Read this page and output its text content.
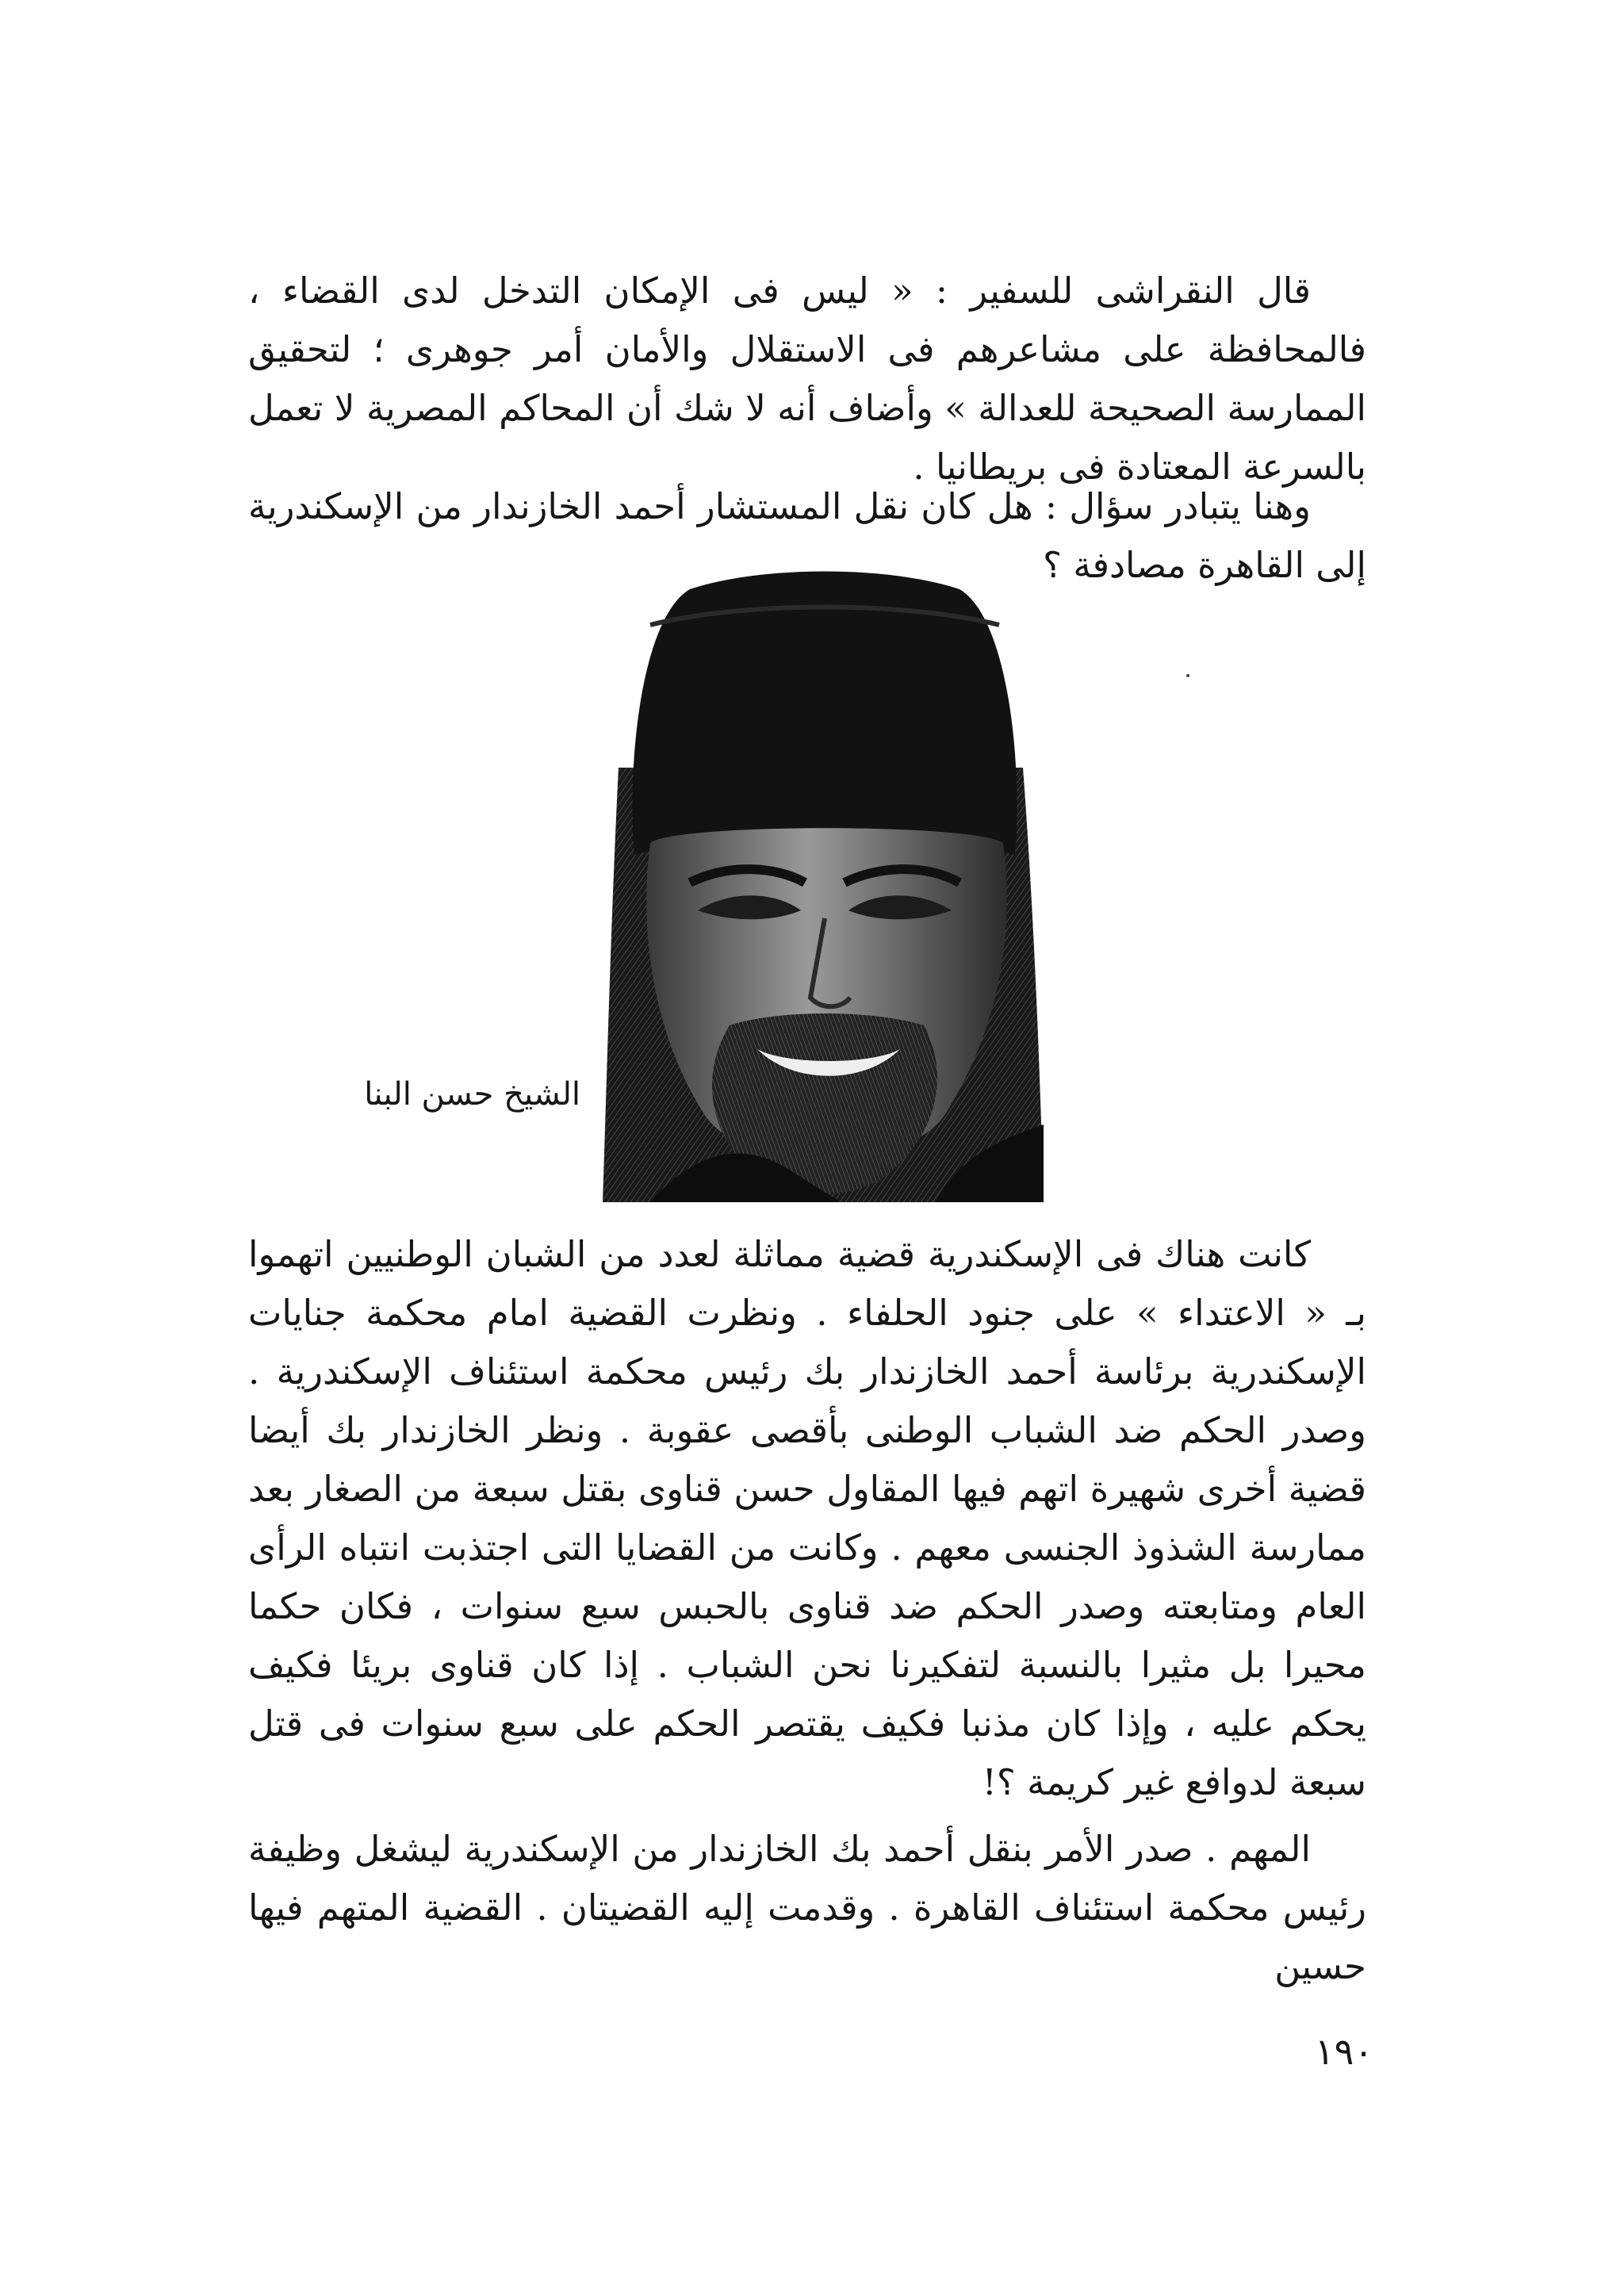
قال النقراشى للسفير : « ليس فى الإمكان التدخل لدى القضاء ، فالمحافظة على مشاعرهم فى الاستقلال والأمان أمر جوهرى ؛ لتحقيق الممارسة الصحيحة للعدالة » وأضاف أنه لا شك أن المحاكم المصرية لا تعمل بالسرعة المعتادة فى بريطانيا .

وهنا يتبادر سؤال : هل كان نقل المستشار أحمد الخازندار من الإسكندرية إلى القاهرة مصادفة ؟

الشيخ حسن البنا

كانت هناك فى الإسكندرية قضية مماثلة لعدد من الشبان الوطنيين اتهموا بـ « الاعتداء » على جنود الحلفاء . ونظرت القضية امام محكمة جنايات الإسكندرية برئاسة أحمد الخازندار بك رئيس محكمة استئناف الإسكندرية . وصدر الحكم ضد الشباب الوطنى بأقصى عقوبة . ونظر الخازندار بك أيضا قضية أخرى شهيرة اتهم فيها المقاول حسن قناوى بقتل سبعة من الصغار بعد ممارسة الشذوذ الجنسى معهم . وكانت من القضايا التى اجتذبت انتباه الرأى العام ومتابعته وصدر الحكم ضد قناوى بالحبس سبع سنوات ، فكان حكما محيرا بل مثيرا بالنسبة لتفكيرنا نحن الشباب . إذا كان قناوى بريئا فكيف يحكم عليه ، وإذا كان مذنبا فكيف يقتصر الحكم على سبع سنوات فى قتل سبعة لدوافع غير كريمة ؟!

المهم . صدر الأمر بنقل أحمد بك الخازندار من الإسكندرية ليشغل وظيفة رئيس محكمة استئناف القاهرة . وقدمت إليه القضيتان . القضية المتهم فيها حسين

١٩٠
